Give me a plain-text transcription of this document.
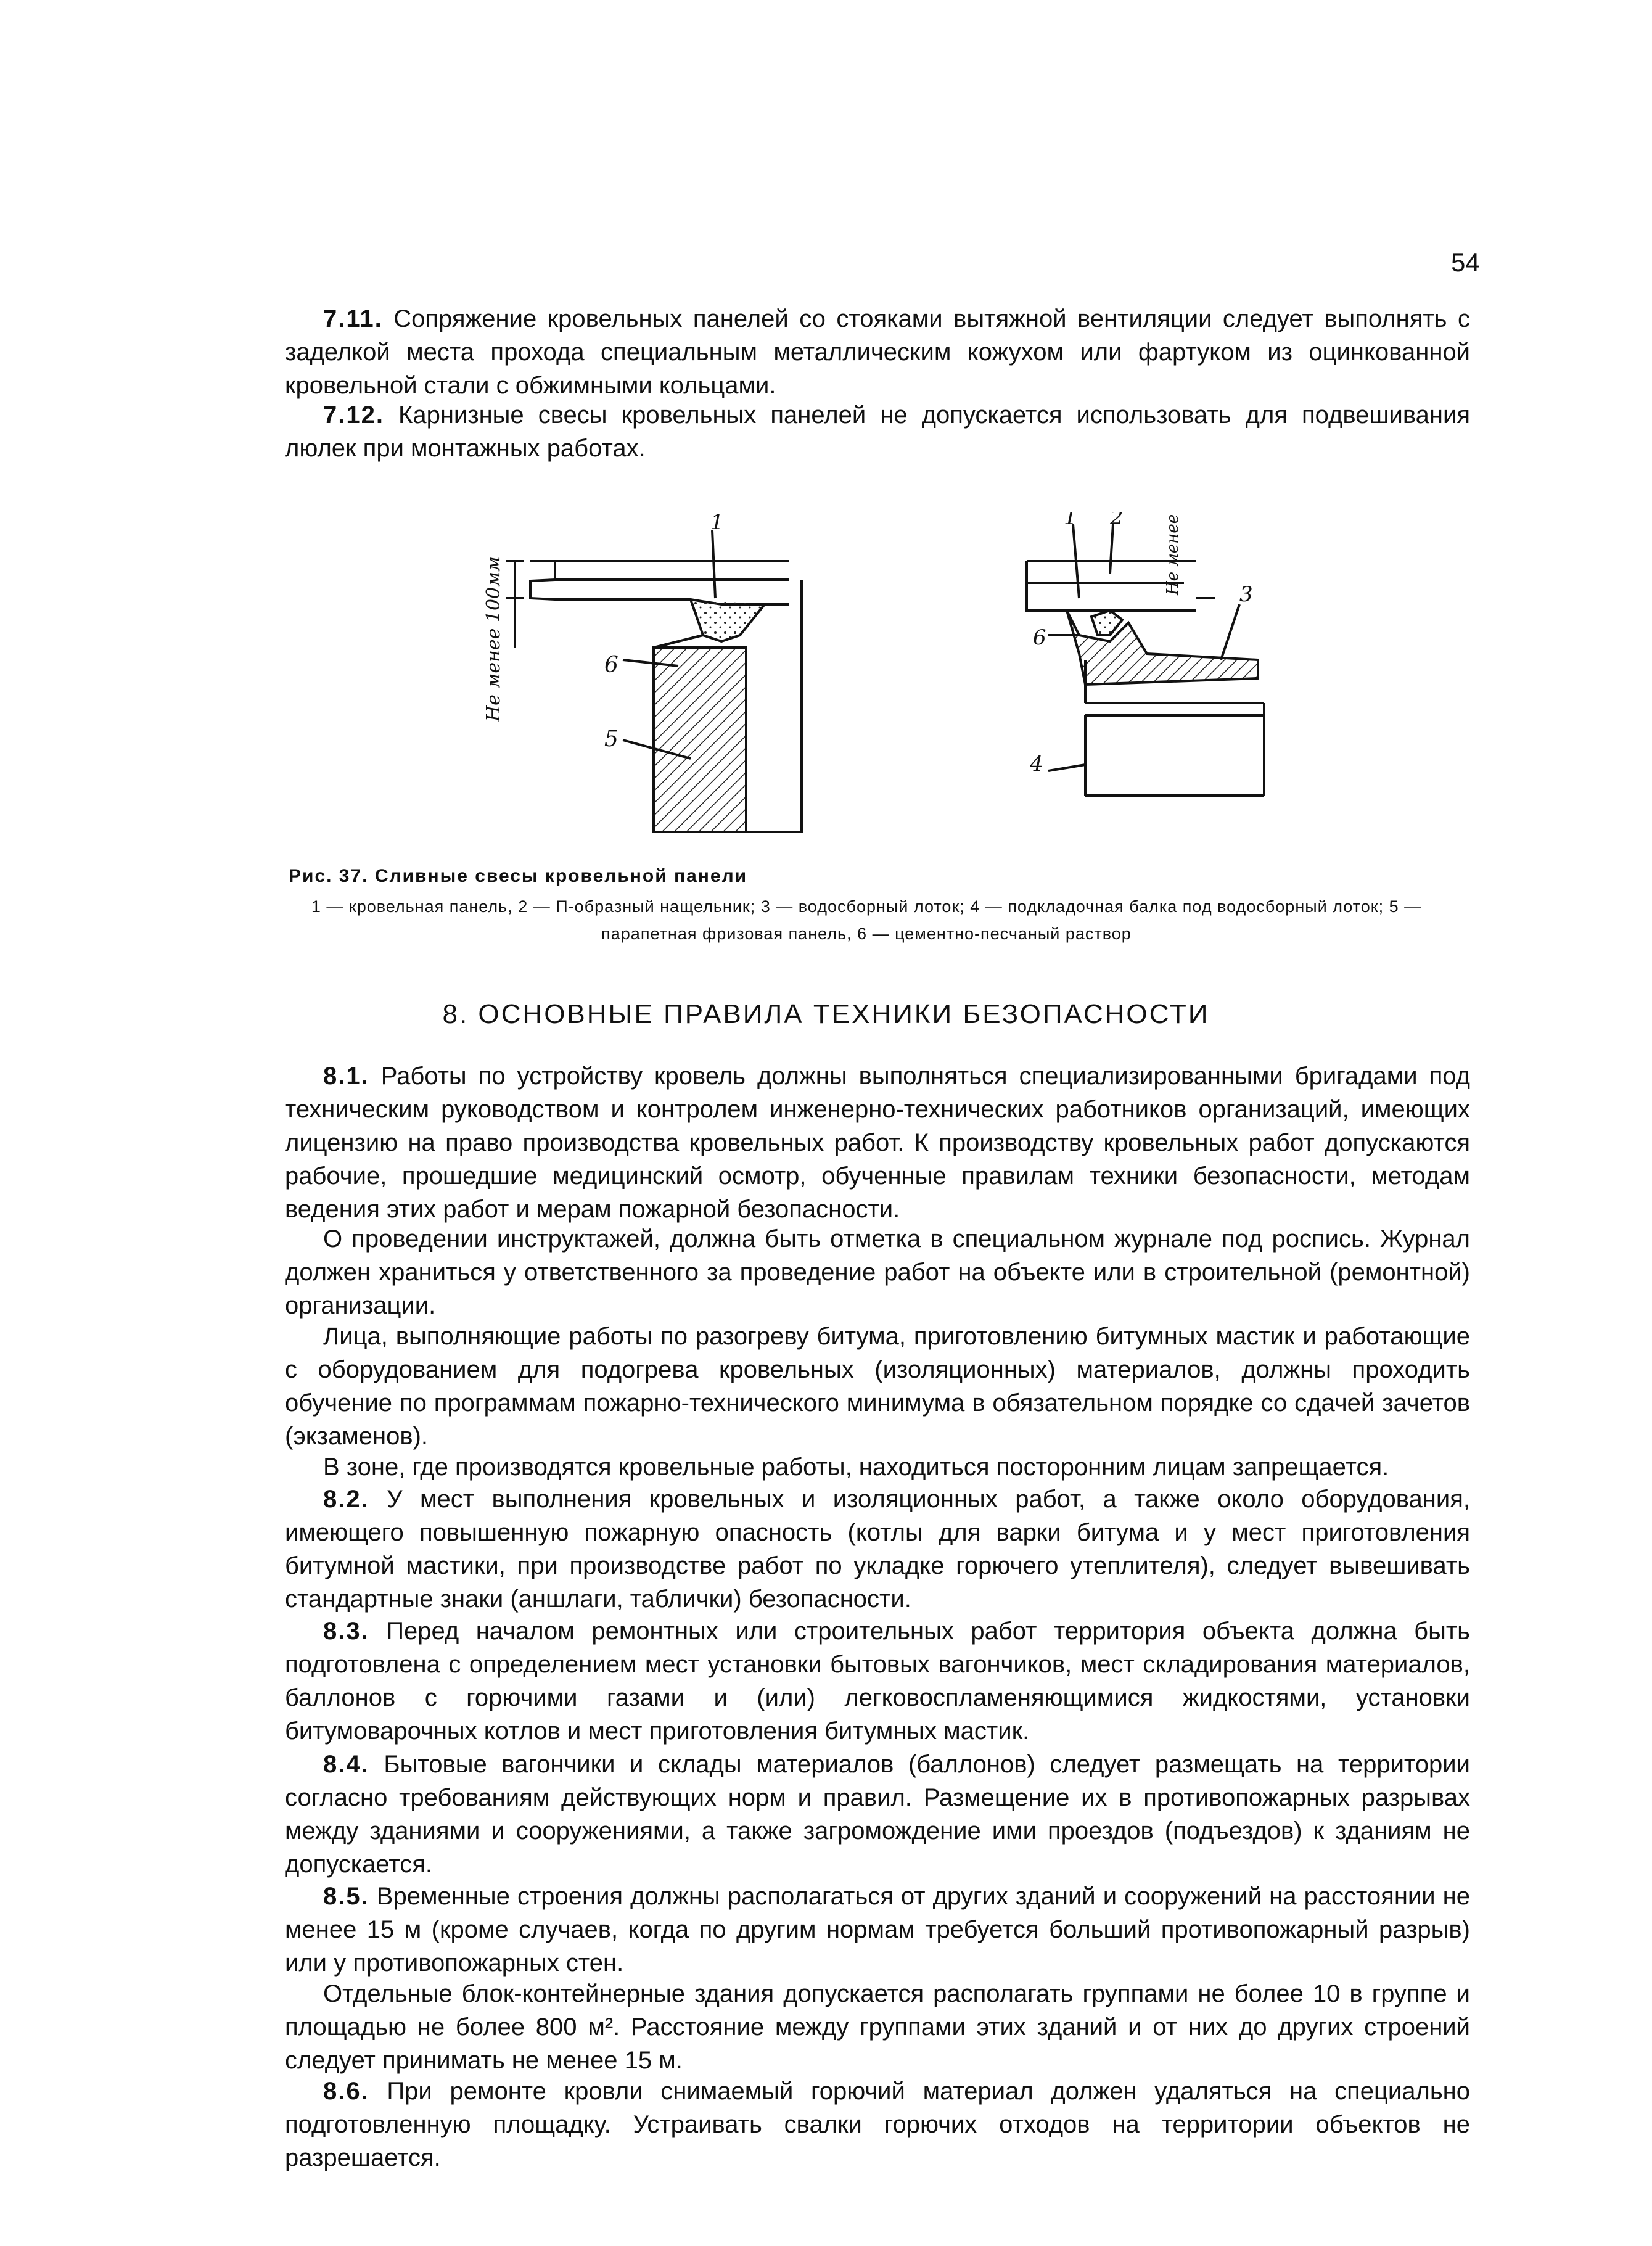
54

7.11. Сопряжение кровельных панелей со стояками вытяжной вентиляции следует выполнять с заделкой места прохода специальным металлическим кожухом или фартуком из оцинкованной кровельной стали с обжимными кольцами.

7.12. Карнизные свесы кровельных панелей не допускается использовать для подвешивания люлек при монтажных работах.

1
6
5
Не менее 100мм
1 2
3
4
6
Не менее 80мм
Рис. 37. Сливные свесы кровельной панели

1 — кровельная панель, 2 — П-образный нащельник; 3 — водосборный лоток; 4 — подкладочная балка под водосборный лоток; 5 — парапетная фризовая панель, 6 — цементно-песчаный раствор

8. ОСНОВНЫЕ ПРАВИЛА ТЕХНИКИ БЕЗОПАСНОСТИ

8.1. Работы по устройству кровель должны выполняться специализированными бригадами под техническим руководством и контролем инженерно-технических работников организаций, имеющих лицензию на право производства кровельных работ. К производству кровельных работ допускаются рабочие, прошедшие медицинский осмотр, обученные правилам техники безопасности, методам ведения этих работ и мерам пожарной безопасности.

О проведении инструктажей, должна быть отметка в специальном журнале под роспись. Журнал должен храниться у ответственного за проведение работ на объекте или в строительной (ремонтной) организации.

Лица, выполняющие работы по разогреву битума, приготовлению битумных мастик и работающие с оборудованием для подогрева кровельных (изоляционных) материалов, должны проходить обучение по программам пожарно-технического минимума в обязательном порядке со сдачей зачетов (экзаменов).

В зоне, где производятся кровельные работы, находиться посторонним лицам запрещается.

8.2. У мест выполнения кровельных и изоляционных работ, а также около оборудования, имеющего повышенную пожарную опасность (котлы для варки битума и у мест приготовления битумной мастики, при производстве работ по укладке горючего утеплителя), следует вывешивать стандартные знаки (аншлаги, таблички) безопасности.

8.3. Перед началом ремонтных или строительных работ территория объекта должна быть подготовлена с определением мест установки бытовых вагончиков, мест складирования материалов, баллонов с горючими газами и (или) легковоспламеняющимися жидкостями, установки битумоварочных котлов и мест приготовления битумных мастик.

8.4. Бытовые вагончики и склады материалов (баллонов) следует размещать на территории согласно требованиям действующих норм и правил. Размещение их в противопожарных разрывах между зданиями и сооружениями, а также загромождение ими проездов (подъездов) к зданиям не допускается.

8.5. Временные строения должны располагаться от других зданий и сооружений на расстоянии не менее 15 м (кроме случаев, когда по другим нормам требуется больший противопожарный разрыв) или у противопожарных стен.

Отдельные блок-контейнерные здания допускается располагать группами не более 10 в группе и площадью не более 800 м². Расстояние между группами этих зданий и от них до других строений следует принимать не менее 15 м.

8.6. При ремонте кровли снимаемый горючий материал должен удаляться на специально подготовленную площадку. Устраивать свалки горючих отходов на территории объектов не разрешается.
